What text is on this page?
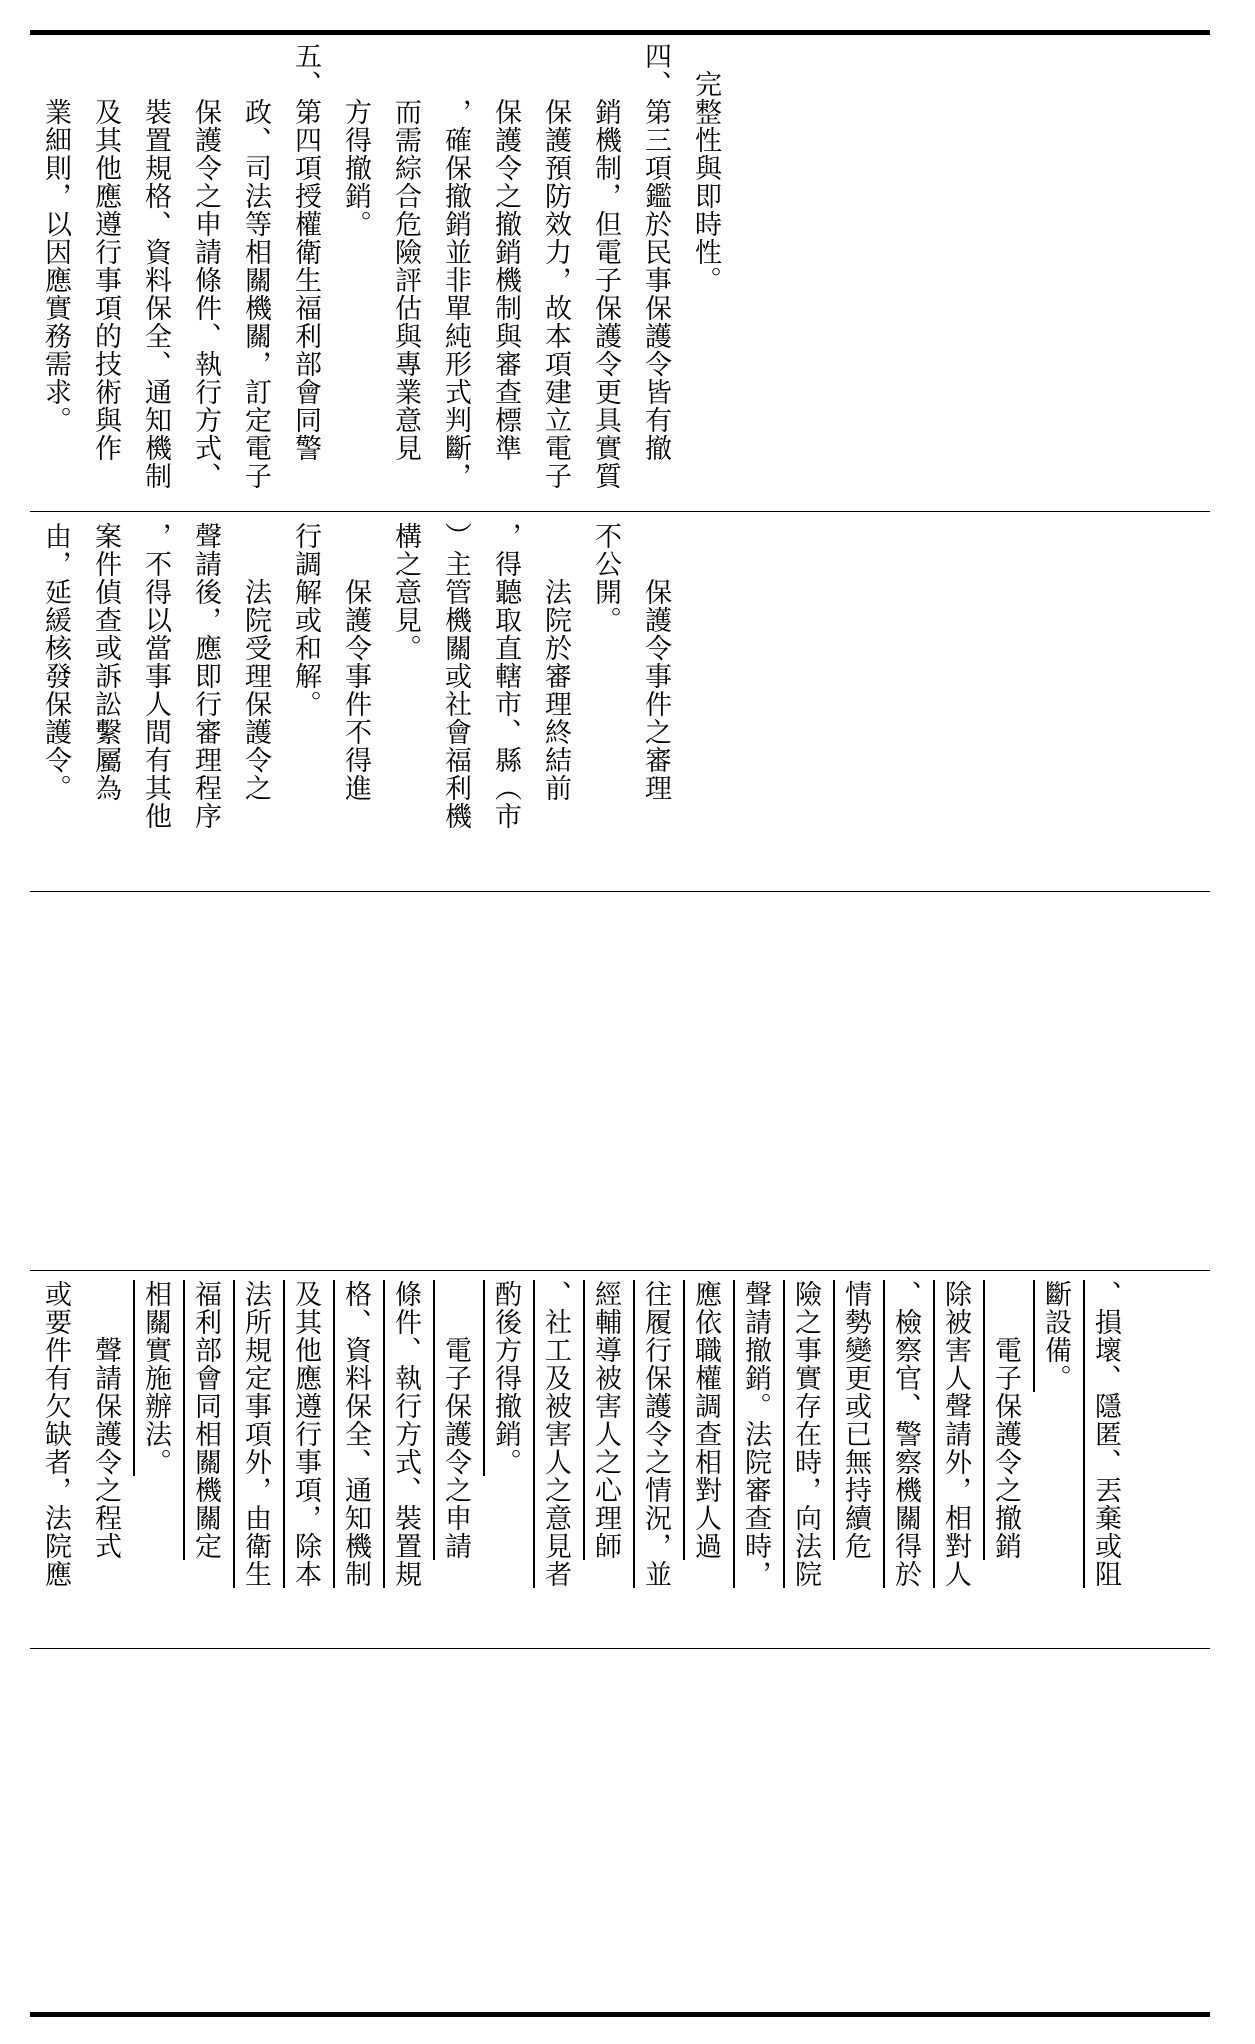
　完整性與即時性。
四、第三項鑑於民事保護令皆有撤
　　銷機制，但電子保護令更具實質
　　保護預防效力，故本項建立電子
　　保護令之撤銷機制與審查標準
　　，確保撤銷並非單純形式判斷，
　　而需綜合危險評估與專業意見
　　方得撤銷。
五、第四項授權衛生福利部會同警
　　政、司法等相關機關，訂定電子
　　保護令之申請條件、執行方式、
　　裝置規格、資料保全、通知機制
　　及其他應遵行事項的技術與作
　　業細則，以因應實務需求。
　　保護令事件之審理
不公開。
　　法院於審理終結前
，得聽取直轄市、縣（市
）主管機關或社會福利機
構之意見。
　　保護令事件不得進
行調解或和解。
　　法院受理保護令之
聲請後，應即行審理程序
，不得以當事人間有其他
案件偵查或訴訟繫屬為
由，延緩核發保護令。
、損壞、隱匿、丟棄或阻
斷設備。
　　電子保護令之撤銷
除被害人聲請外，相對人
、檢察官、警察機關得於
情勢變更或已無持續危
險之事實存在時，向法院
聲請撤銷。法院審查時，
應依職權調查相對人過
往履行保護令之情況，並
經輔導被害人之心理師
、社工及被害人之意見者
酌後方得撤銷。
　　電子保護令之申請
條件、執行方式、裝置規
格、資料保全、通知機制
及其他應遵行事項，除本
法所規定事項外，由衛生
福利部會同相關機關定
相關實施辦法。
　　聲請保護令之程式
或要件有欠缺者，法院應
